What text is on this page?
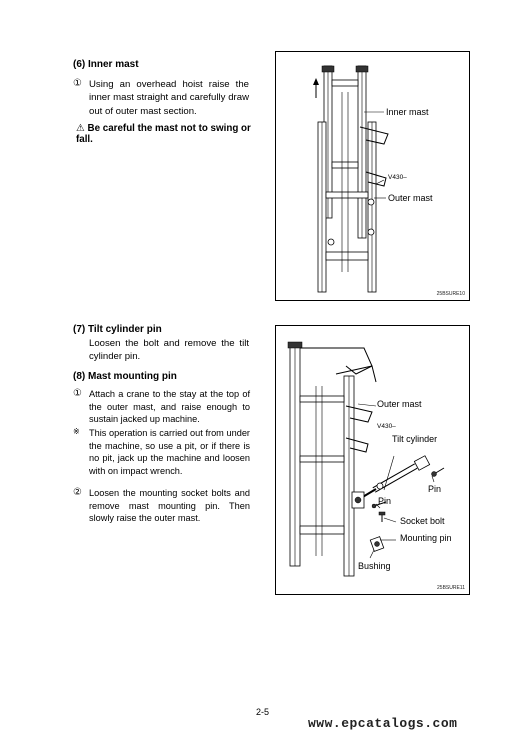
(6) Inner mast
① Using an overhead hoist raise the inner mast straight and carefully draw out of outer mast section.
⚠ Be careful the mast not to swing or fall.
Inner mast
V430–
Outer mast
25BSURE10
(7) Tilt cylinder pin
Loosen the bolt and remove the tilt cylinder pin.
(8) Mast mounting pin
① Attach a crane to the stay at the top of the outer mast, and raise enough to sustain jacked up machine.
※ This operation is carried out from under the machine, so use a pit, or if there is no pit, jack up the machine and loosen with on impact wrench.
② Loosen the mounting socket bolts and remove mast mounting pin. Then slowly raise the outer mast.
Outer mast
V430–
Tilt cylinder
Pin
Pin
Socket bolt
Mounting pin
Bushing
25BSURE11
2-5
www.epcatalogs.com
